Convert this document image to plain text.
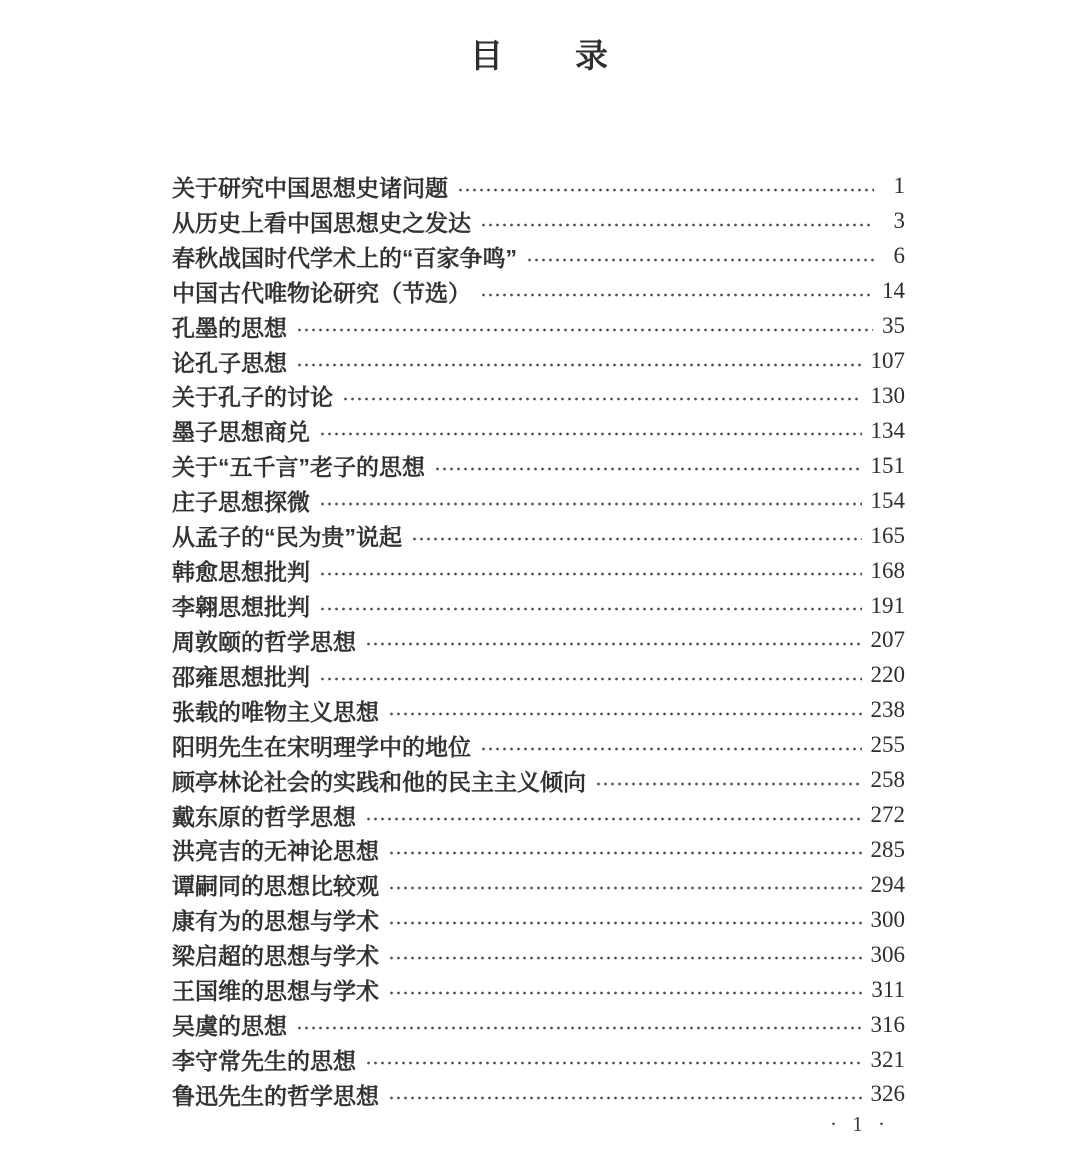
目　　录
关于研究中国思想史诸问题	1
从历史上看中国思想史之发达	3
春秋战国时代学术上的“百家争鸣”	6
中国古代唯物论研究（节选）	14
孔墨的思想	35
论孔子思想	107
关于孔子的讨论	130
墨子思想商兑	134
关于“五千言”老子的思想	151
庄子思想探微	154
从孟子的“民为贵”说起	165
韩愈思想批判	168
李翱思想批判	191
周敦颐的哲学思想	207
邵雍思想批判	220
张载的唯物主义思想	238
阳明先生在宋明理学中的地位	255
顾亭林论社会的实践和他的民主主义倾向	258
戴东原的哲学思想	272
洪亮吉的无神论思想	285
谭嗣同的思想比较观	294
康有为的思想与学术	300
梁启超的思想与学术	306
王国维的思想与学术	311
吴虞的思想	316
李守常先生的思想	321
鲁迅先生的哲学思想	326
· 1 ·
